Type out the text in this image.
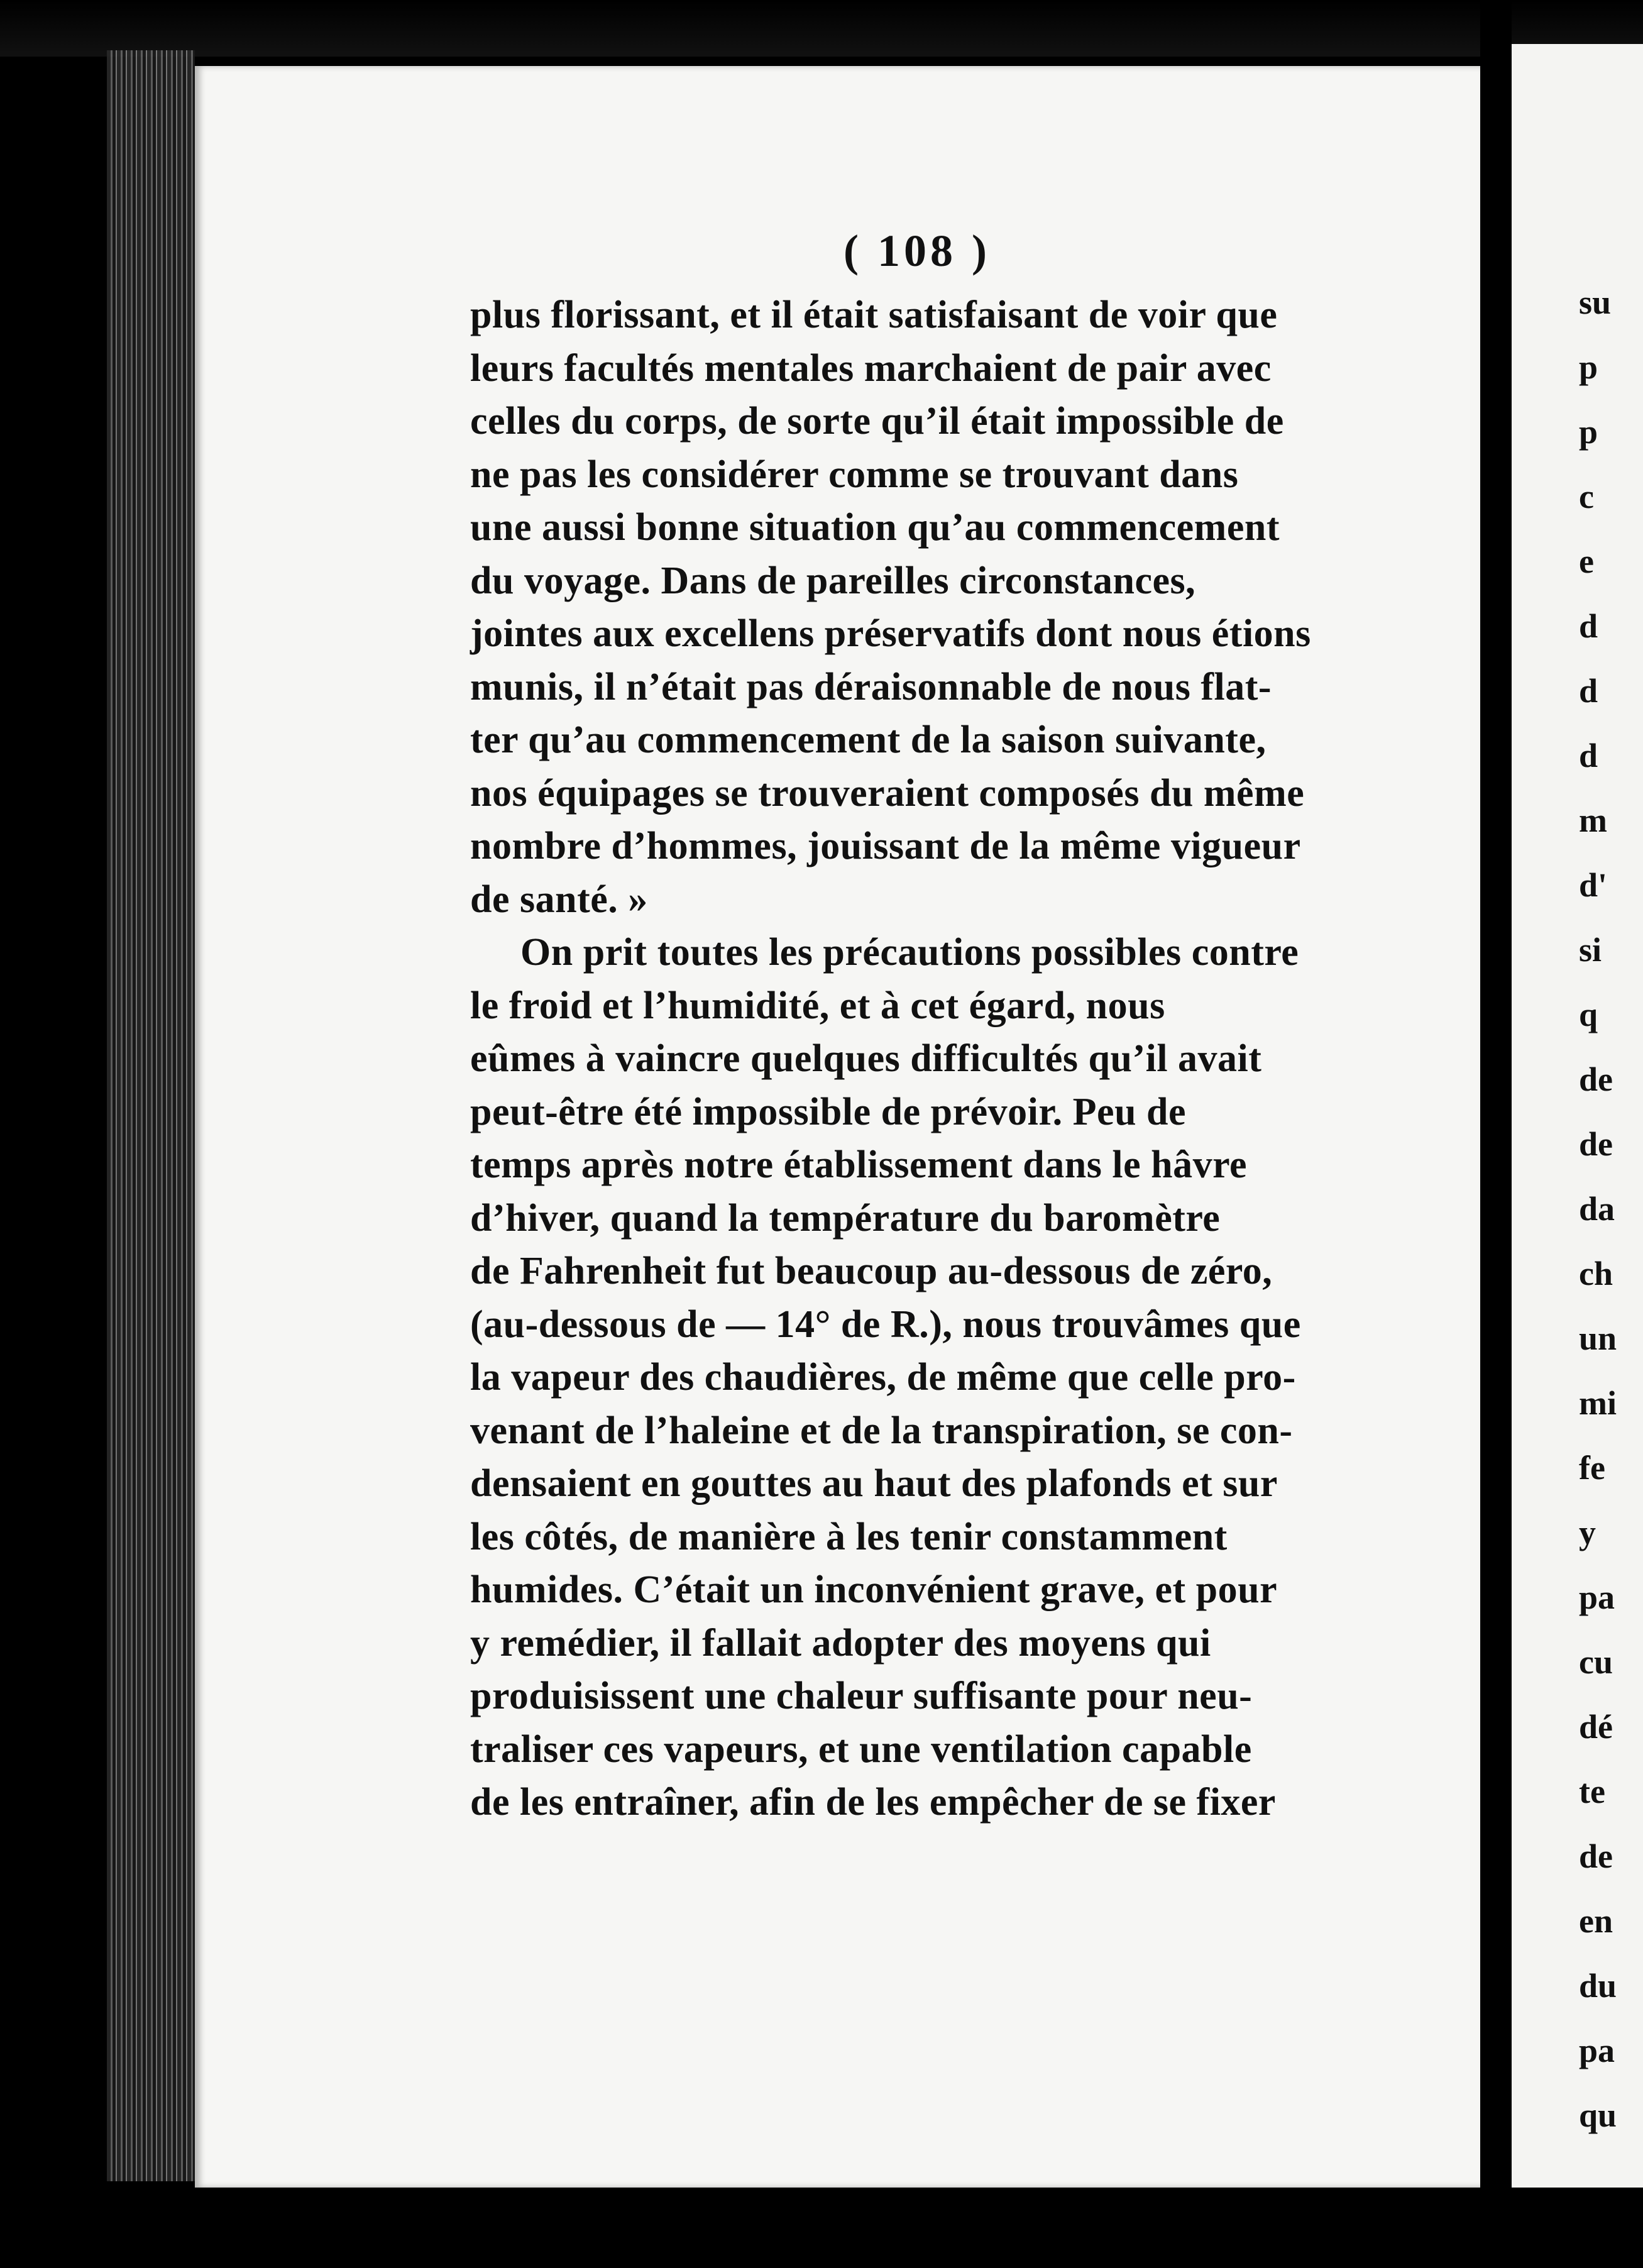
( 108 )
plus florissant, et il était satisfaisant de voir que
leurs facultés mentales marchaient de pair avec
celles du corps, de sorte qu’il était impossible de
ne pas les considérer comme se trouvant dans
une aussi bonne situation qu’au commencement
du voyage. Dans de pareilles circonstances,
jointes aux excellens préservatifs dont nous étions
munis, il n’était pas déraisonnable de nous flat-
ter qu’au commencement de la saison suivante,
nos équipages se trouveraient composés du même
nombre d’hommes, jouissant de la même vigueur
de santé. »
On prit toutes les précautions possibles contre
le froid et l’humidité, et à cet égard, nous
eûmes à vaincre quelques difficultés qu’il avait
peut-être été impossible de prévoir. Peu de
temps après notre établissement dans le hâvre
d’hiver, quand la température du baromètre
de Fahrenheit fut beaucoup au-dessous de zéro,
(au-dessous de — 14° de R.), nous trouvâmes que
la vapeur des chaudières, de même que celle pro-
venant de l’haleine et de la transpiration, se con-
densaient en gouttes au haut des plafonds et sur
les côtés, de manière à les tenir constamment
humides. C’était un inconvénient grave, et pour
y remédier, il fallait adopter des moyens qui
produisissent une chaleur suffisante pour neu-
traliser ces vapeurs, et une ventilation capable
de les entraîner, afin de les empêcher de se fixer
su
p
p
c
e
d
d
d
m
d'
si
q
de
de
da
ch
un
mi
fe
y
pa
cu
dé
te
de
en
du
pa
qu
